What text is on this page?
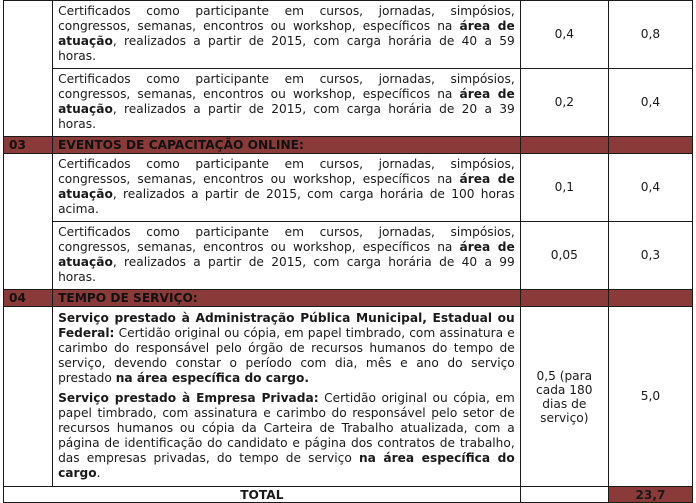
	Certificados como participante em cursos, jornadas, simpósios, congressos, semanas, encontros ou workshop, específicos na área de atuação, realizados a partir de 2015, com carga horária de 40 a 59 horas.	0,4	0,8
	Certificados como participante em cursos, jornadas, simpósios, congressos, semanas, encontros ou workshop, específicos na área de atuação, realizados a partir de 2015, com carga horária de 20 a 39 horas.	0,2	0,4
03	EVENTOS DE CAPACITAÇÃO ONLINE:		
	Certificados como participante em cursos, jornadas, simpósios, congressos, semanas, encontros ou workshop, específicos na área de atuação, realizados a partir de 2015, com carga horária de 100 horas acima.	0,1	0,4
	Certificados como participante em cursos, jornadas, simpósios, congressos, semanas, encontros ou workshop, específicos na área de atuação, realizados a partir de 2015, com carga horária de 40 a 99 horas.	0,05	0,3
04	TEMPO DE SERVIÇO:		

	Serviço prestado à Administração Pública Municipal, Estadual ou Federal: Certidão original ou cópia, em papel timbrado, com assinatura e carimbo do responsável pelo órgão de recursos humanos do tempo de serviço, devendo constar o período com dia, mês e ano do serviço prestado na área específica do cargo.

Serviço prestado à Empresa Privada: Certidão original ou cópia, em papel timbrado, com assinatura e carimbo do responsável pelo setor de recursos humanos ou cópia da Carteira de Trabalho atualizada, com a página de identificação do candidato e página dos contratos de trabalho, das empresas privadas, do tempo de serviço na área específica do cargo.	0,5 (para cada 180 dias de serviço)	5,0
TOTAL			23,7
